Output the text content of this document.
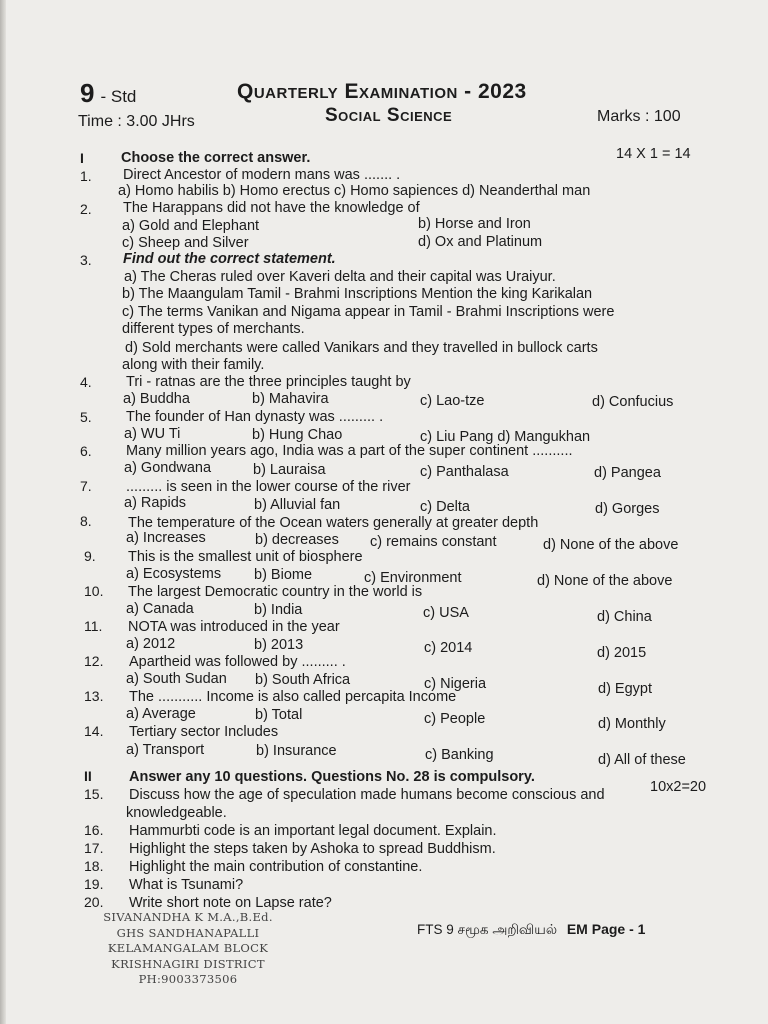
9 - Std	Quarterly Examination - 2023
Time : 3.00 JHrs	Social Science	Marks : 100
I	Choose the correct answer.	14 X 1 = 14
1. Direct Ancestor of modern mans was ....... .
a) Homo habilis b) Homo erectus c) Homo sapiences d) Neanderthal man
2. The Harappans did not have the knowledge of
a) Gold and Elephant	b) Horse and Iron
c) Sheep and Silver	d) Ox and Platinum
3. Find out the correct statement.
a) The Cheras ruled over Kaveri delta and their capital was Uraiyur.
b) The Maangulam Tamil - Brahmi Inscriptions Mention the king Karikalan
c) The terms Vanikan and Nigama appear in Tamil - Brahmi Inscriptions were
different types of merchants.
d) Sold merchants were called Vanikars and they travelled in bullock carts
along with their family.
4. Tri - ratnas are the three principles taught by
a) Buddha	b) Mahavira	c) Lao-tze	d) Confucius
5. The founder of Han dynasty was ......... .
a) WU Ti	b) Hung Chao	c) Liu Pang d) Mangukhan
6. Many million years ago, India was a part of the super continent ..........
a) Gondwana	b) Lauraisa	c) Panthalasa	d) Pangea
7. ......... is seen in the lower course of the river
a) Rapids	b) Alluvial fan	c) Delta	d) Gorges
8.	The temperature of the Ocean waters generally at greater depth
a) Increases	b) decreases c) remains constant	d) None of the above
9. This is the smallest unit of biosphere
a) Ecosystems b) Biome	c) Environment	d) None of the above
10. The largest Democratic country in the world is
a) Canada	b) India	c) USA	d) China
11. NOTA was introduced in the year
a) 2012	b) 2013	c) 2014	d) 2015
12. Apartheid was followed by ......... .
a) South Sudan b) South Africa	c) Nigeria	d) Egypt
13. The ........... Income is also called percapita Income
a) Average	b) Total	c) People	d) Monthly
14. Tertiary sector Includes
a) Transport	b) Insurance	c) Banking	d) All of these
II	Answer any 10 questions. Questions No. 28 is compulsory.
10x2=20
15. Discuss how the age of speculation made humans become conscious and
knowledgeable.
16. Hammurbti code is an important legal document. Explain.
17. Highlight the steps taken by Ashoka to spread Buddhism.
18. Highlight the main contribution of constantine.
19. What is Tsunami?
20. Write short note on Lapse rate?
SIVANANDHA K M.A.,B.Ed.
GHS SANDHANAPALLI
KELAMANGALAM BLOCK
KRISHNAGIRI DISTRICT
PH:9003373506
FTS 9 சமூக அறிவியல் EM Page - 1
